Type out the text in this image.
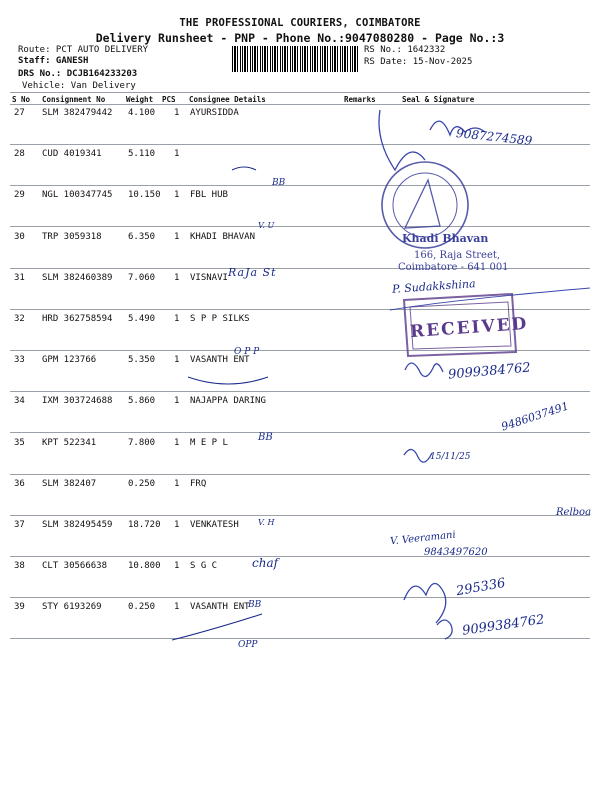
THE PROFESSIONAL COURIERS, COIMBATORE
Delivery Runsheet - PNP - Phone No.:9047080280 - Page No.:3
Route: PCT AUTO DELIVERY
Staff: GANESH
DRS No.: DCJB164233203
Vehicle: Van Delivery
RS No.: 1642332
RS Date: 15-Nov-2025
S No Consignment No	Weight PCS Consignee Details	Remarks	Seal & Signature
27 SLM 382479442 4.100 1 AYURSIDDA
28 CUD 4019341	5.110 1
29 NGL 100347745 10.150 1 FBL HUB
30 TRP 3059318	6.350 1 KHADI BHAVAN
31 SLM 382460389 7.060 1 VISNAVI
32 HRD 362758594 5.490 1 S P P SILKS
33 GPM 123766	5.350 1 VASANTH ENT
34 IXM 303724688 5.860 1 NAJAPPA DARING
35 KPT 522341	7.800 1 M E P L
36 SLM 382407	0.250 1 FRQ
37 SLM 382495459 18.720 1 VENKATESH
38 CLT 30566638 10.800 1 S G C
39 STY 6193269	0.250 1 VASANTH ENT
BB
V. U
RaJa St
O P P
BB
V. H
chaf
BB
OPP
9087274589
Khadi Bhavan
166, Raja Street,
Coimbatore - 641 001
P. Sudakkshina
RECEIVED
9099384762
9486037491
15/11/25
Relboa
V. Veeramani
9843497620
295336
9099384762
